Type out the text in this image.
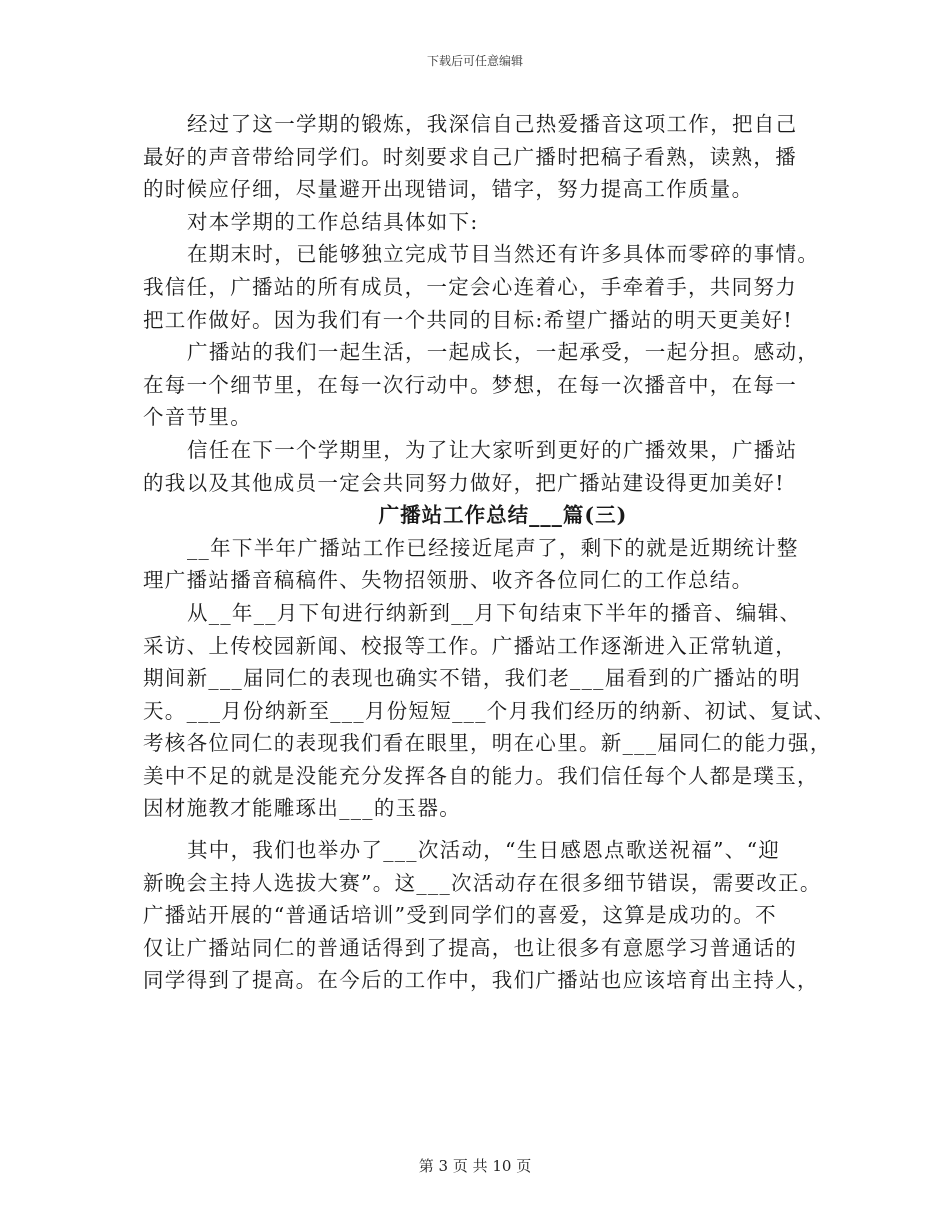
下载后可任意编辑
经过了这一学期的锻炼，我深信自己热爱播音这项工作，把自己
最好的声音带给同学们。时刻要求自己广播时把稿子看熟，读熟，播
的时候应仔细，尽量避开出现错词，错字，努力提高工作质量。
对本学期的工作总结具体如下:
在期末时，已能够独立完成节目当然还有许多具体而零碎的事情。
我信任，广播站的所有成员，一定会心连着心，手牵着手，共同努力
把工作做好。因为我们有一个共同的目标:希望广播站的明天更美好!
广播站的我们一起生活，一起成长，一起承受，一起分担。感动，
在每一个细节里，在每一次行动中。梦想，在每一次播音中，在每一
个音节里。
信任在下一个学期里，为了让大家听到更好的广播效果，广播站
的我以及其他成员一定会共同努力做好，把广播站建设得更加美好!
广播站工作总结___篇(三)
__年下半年广播站工作已经接近尾声了，剩下的就是近期统计整
理广播站播音稿稿件、失物招领册、收齐各位同仁的工作总结。
从__年__月下旬进行纳新到__月下旬结束下半年的播音、编辑、
采访、上传校园新闻、校报等工作。广播站工作逐渐进入正常轨道，
期间新___届同仁的表现也确实不错，我们老___届看到的广播站的明
天。___月份纳新至___月份短短___个月我们经历的纳新、初试、复试、
考核各位同仁的表现我们看在眼里，明在心里。新___届同仁的能力强，
美中不足的就是没能充分发挥各自的能力。我们信任每个人都是璞玉，
因材施教才能雕琢出___的玉器。
其中，我们也举办了___次活动，“生日感恩点歌送祝福”、“迎
新晚会主持人选拔大赛”。这___次活动存在很多细节错误，需要改正。
广播站开展的“普通话培训”受到同学们的喜爱，这算是成功的。不
仅让广播站同仁的普通话得到了提高，也让很多有意愿学习普通话的
同学得到了提高。在今后的工作中，我们广播站也应该培育出主持人，
第 3 页 共 10 页
